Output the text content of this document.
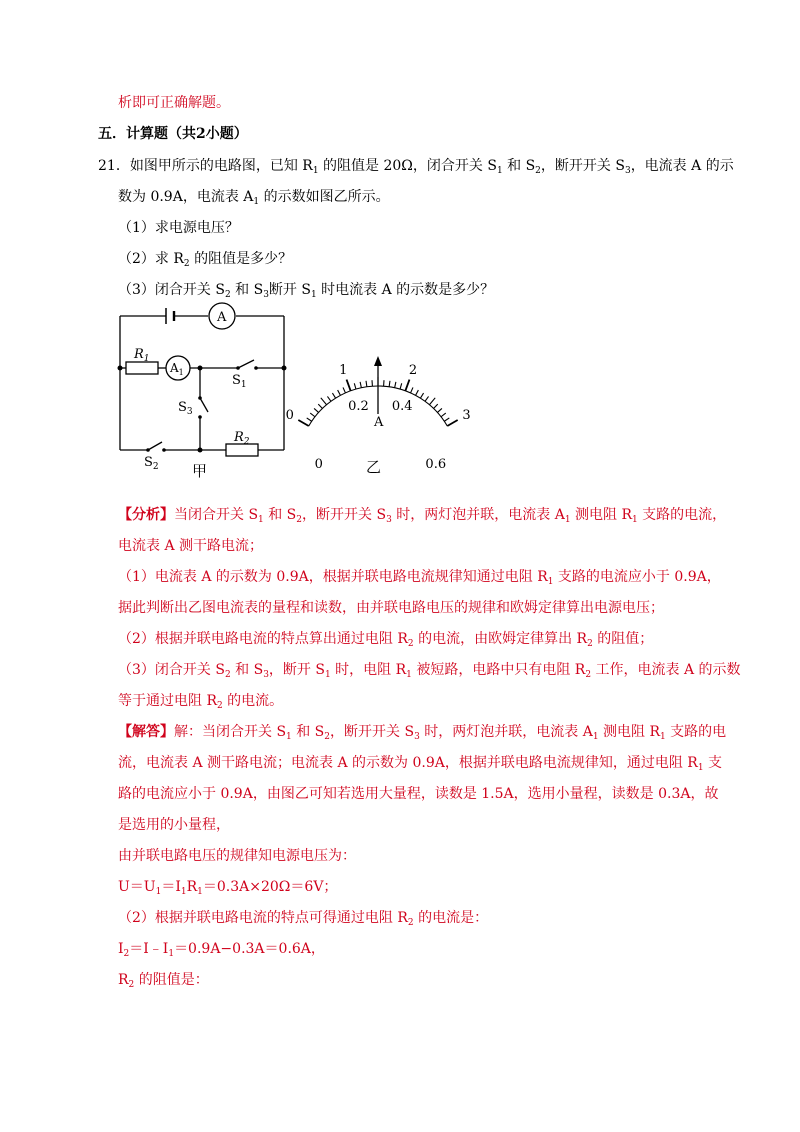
析即可正确解题。
五．计算题（共2小题）
21．如图甲所示的电路图，已知 $R_1$ 的阻值是 20Ω，闭合开关 $S_1$ 和 $S_2$，断开开关 $S_3$，电流表 A 的示
数为 0.9A，电流表 $A_1$ 的示数如图乙所示。
（1）求电源电压？
（2）求 $R_2$ 的阻值是多少？
（3）闭合开关 $S_2$ 和 $S_3$断开 $S_1$ 时电流表 A 的示数是多少？
A
$A_1$
$R_1$
$R_2$
$S_1$
$S_3$
$S_2$ 甲
0
1	2
3
0
0.2 0.4
0.6
A
乙
【分析】当闭合开关 $S_1$ 和 $S_2$，断开开关 $S_3$ 时，两灯泡并联，电流表 $A_1$ 测电阻 $R_1$ 支路的电流，
电流表 A 测干路电流；
（1）电流表 A 的示数为 0.9A，根据并联电路电流规律知通过电阻 $R_1$ 支路的电流应小于 0.9A，
据此判断出乙图电流表的量程和读数，由并联电路电压的规律和欧姆定律算出电源电压；
（2）根据并联电路电流的特点算出通过电阻 $R_2$ 的电流，由欧姆定律算出 $R_2$ 的阻值；
（3）闭合开关 $S_2$ 和 $S_3$，断开 $S_1$ 时，电阻 $R_1$ 被短路，电路中只有电阻 $R_2$ 工作，电流表 A 的示数
等于通过电阻 $R_2$ 的电流。
【解答】解：当闭合开关 $S_1$ 和 $S_2$，断开开关 $S_3$ 时，两灯泡并联，电流表 $A_1$ 测电阻 $R_1$ 支路的电
流，电流表 A 测干路电流；电流表 A 的示数为 0.9A，根据并联电路电流规律知，通过电阻 $R_1$ 支
路的电流应小于 0.9A，由图乙可知若选用大量程，读数是 1.5A，选用小量程，读数是 0.3A，故
是选用的小量程，
由并联电路电压的规律知电源电压为：
$U=U_1=I_1R_1=0.3A\times 20\Omega=6V$；
（2）根据并联电路电流的特点可得通过电阻 $R_2$ 的电流是：
$I_2=I﹣I_1=0.9A-0.3A=0.6A$，
$R_2$ 的阻值是：
